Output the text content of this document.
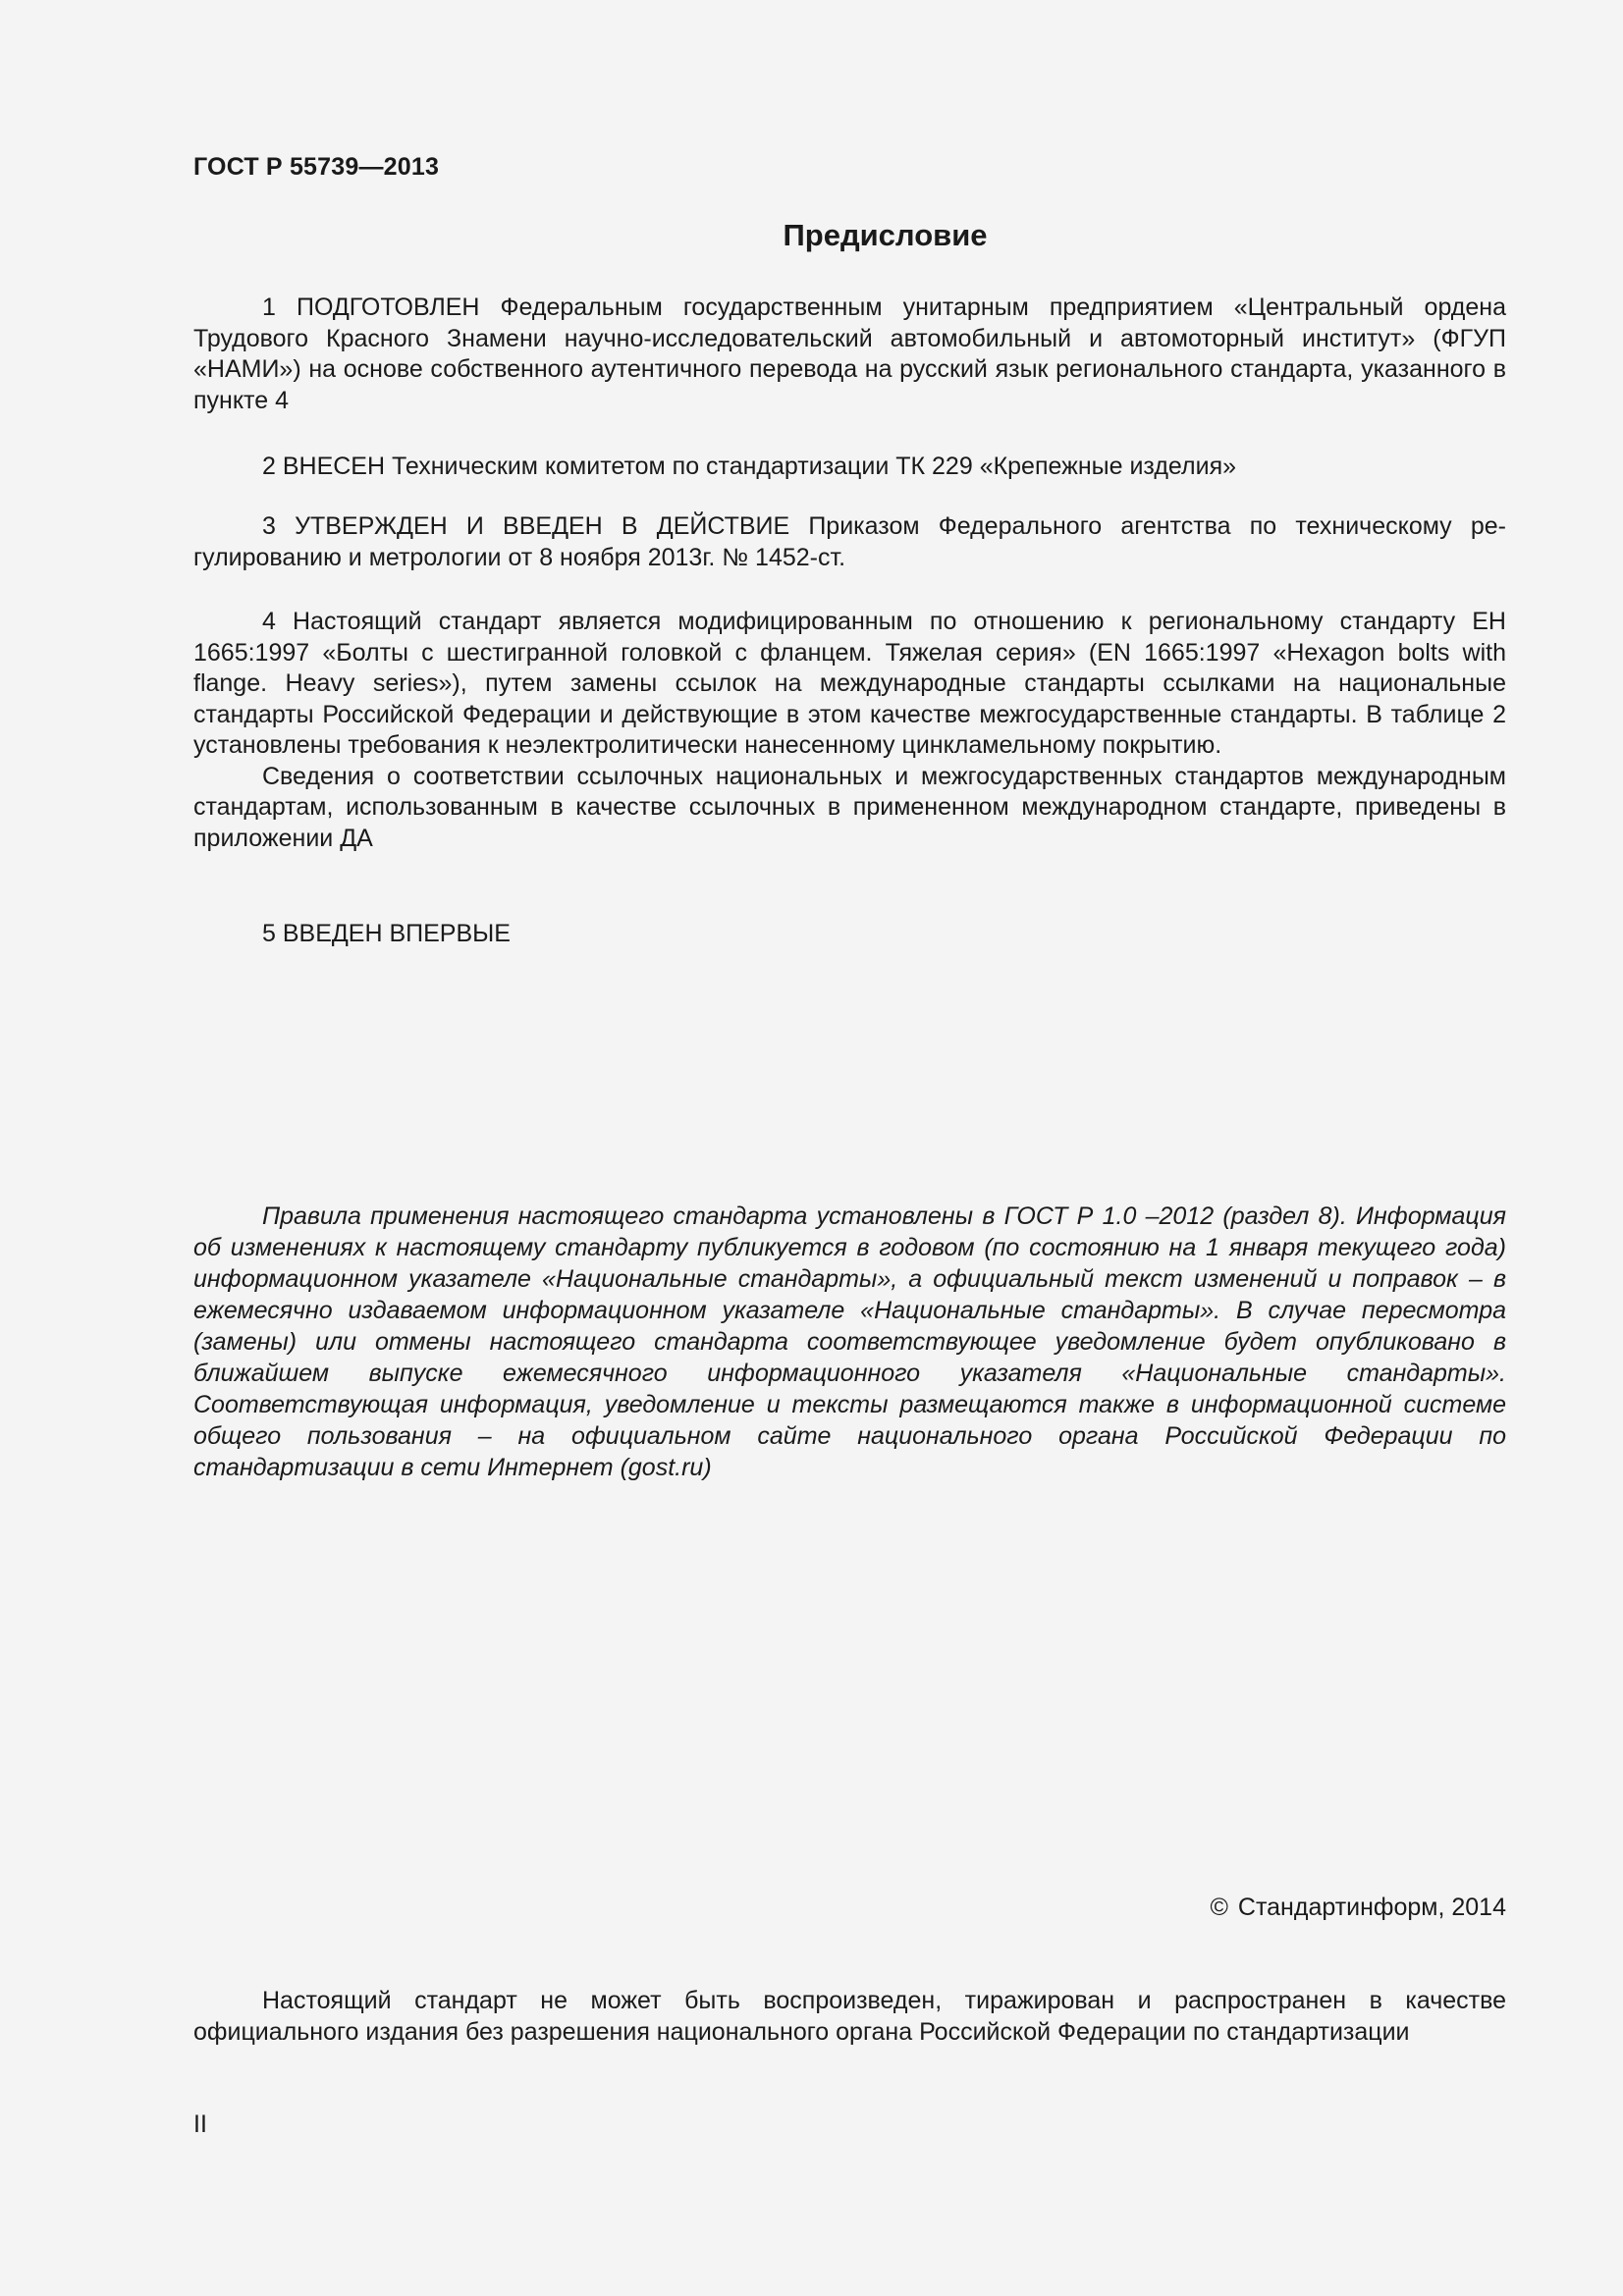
ГОСТ Р 55739—2013
Предисловие

1 ПОДГОТОВЛЕН Федеральным государственным унитарным предприятием «Центральный ордена Трудового Красного Знамени научно-исследовательский автомобильный и автомоторный институт» (ФГУП «НАМИ») на основе собственного аутентичного перевода на русский язык регионального стандарта, указанного в пункте 4

2 ВНЕСЕН Техническим комитетом по стандартизации ТК 229 «Крепежные изделия»

3 УТВЕРЖДЕН И ВВЕДЕН В ДЕЙСТВИЕ Приказом Федерального агентства по техническому регулированию и метрологии от 8 ноября 2013г. № 1452-ст.

4 Настоящий стандарт является модифицированным по отношению к региональному стандарту ЕН 1665:1997 «Болты с шестигранной головкой с фланцем. Тяжелая серия» (EN 1665:1997 «Hexagon bolts with flange. Heavy series»), путем замены ссылок на международные стандарты ссылками на национальные стандарты Российской Федерации и действующие в этом качестве межгосударственные стандарты. В таблице 2 установлены требования к неэлектролитически нанесенному цинкламельному покрытию.

Сведения о соответствии ссылочных национальных и межгосударственных стандартов международным стандартам, использованным в качестве ссылочных в примененном международном стандарте, приведены в приложении ДА

5 ВВЕДЕН ВПЕРВЫЕ

Правила применения настоящего стандарта установлены в ГОСТ Р 1.0 –2012 (раздел 8). Информация об изменениях к настоящему стандарту публикуется в годовом (по состоянию на 1 января текущего года) информационном указателе «Национальные стандарты», а официальный текст изменений и поправок – в ежемесячно издаваемом информационном указателе «Национальные стандарты». В случае пересмотра (замены) или отмены настоящего стандарта соответствующее уведомление будет опубликовано в ближайшем выпуске ежемесячного информационного указателя «Национальные стандарты». Соответствующая информация, уведомление и тексты размещаются также в информационной системе общего пользования – на официальном сайте национального органа Российской Федерации по стандартизации в сети Интернет (gost.ru)

© Стандартинформ, 2014

Настоящий стандарт не может быть воспроизведен, тиражирован и распространен в качестве официального издания без разрешения национального органа Российской Федерации по стандартизации

II
